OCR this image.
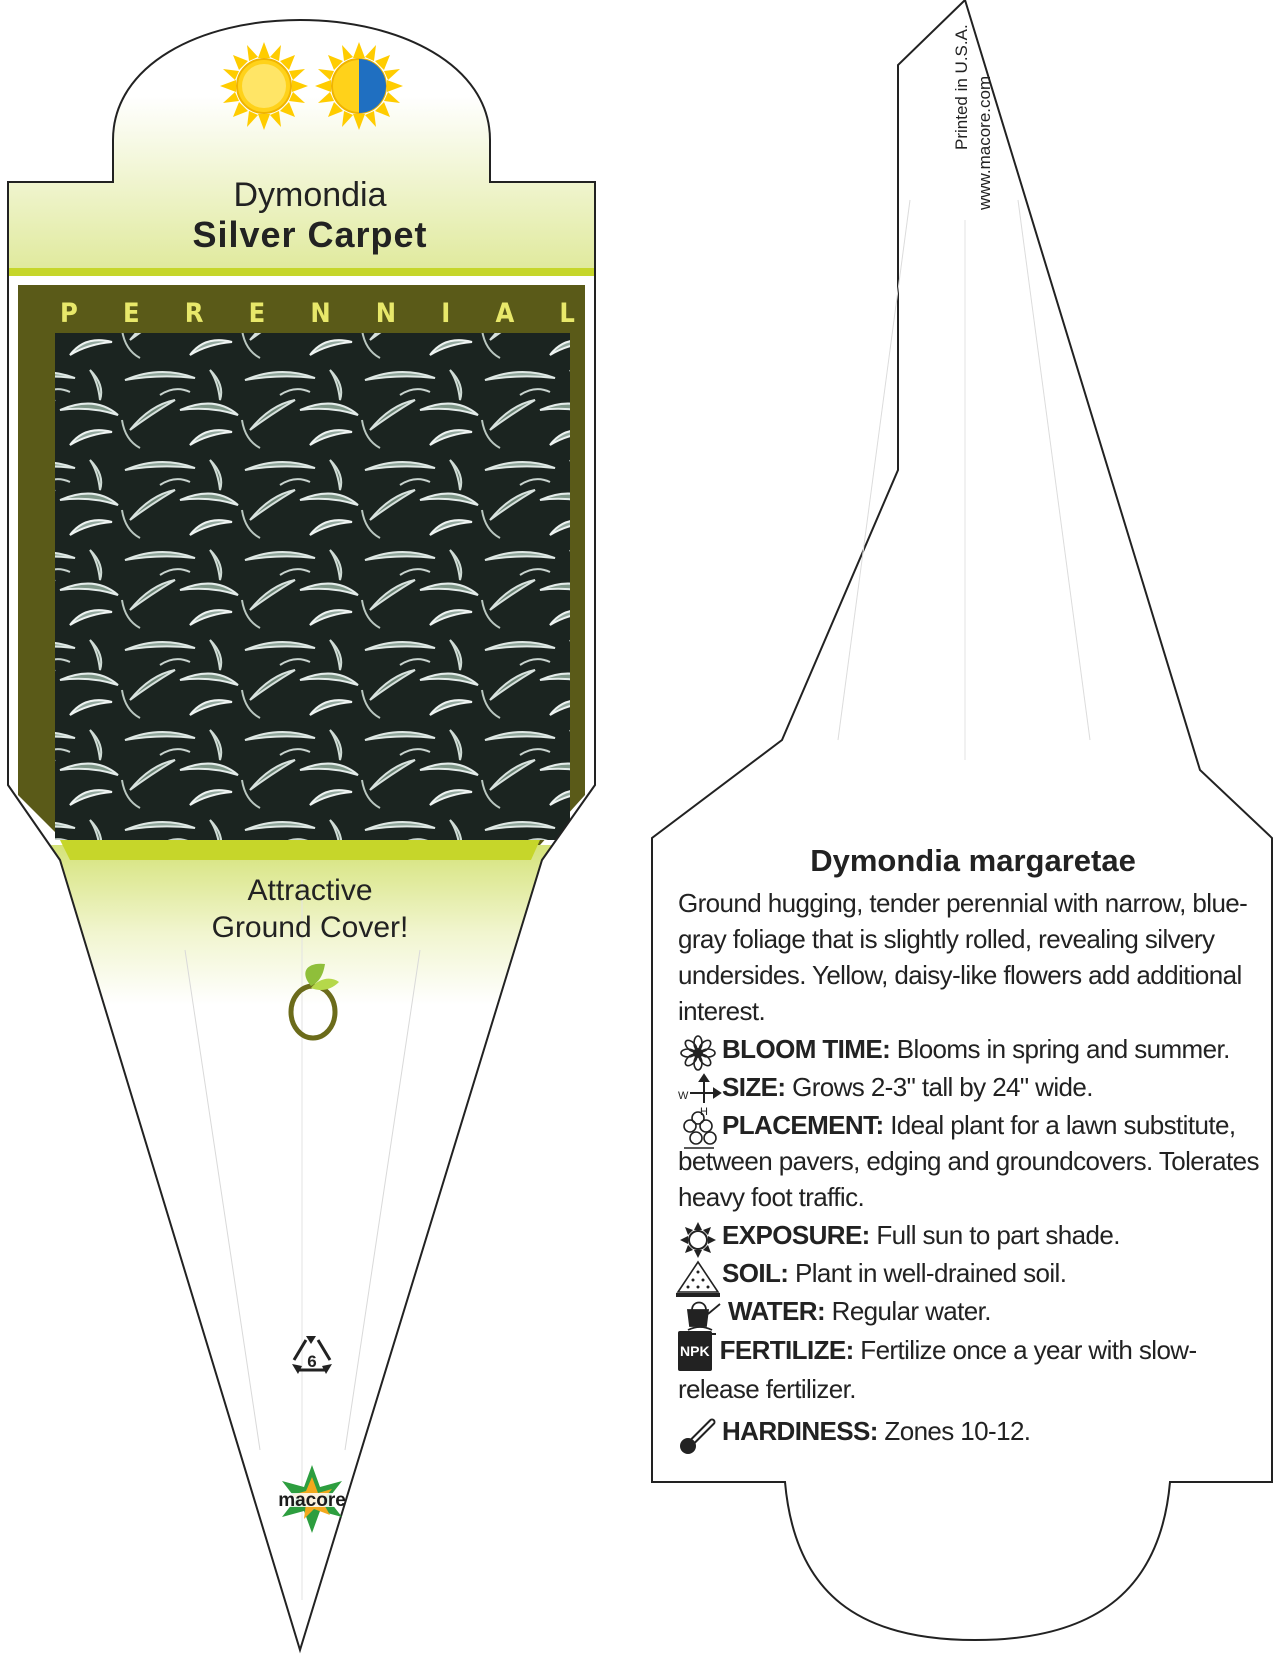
W
H
Dymondia
Silver Carpet
P E R E N N I A L
Attractive
Ground Cover!
6
macore
Printed in U.S.A. www.macore.com
Dymondia margaretae

Ground hugging, tender perennial with narrow, blue-gray foliage that is slightly rolled, revealing silvery undersides. Yellow, daisy-like flowers add additional interest.

BLOOM TIME: Blooms in spring and summer.

SIZE: Grows 2-3" tall by 24" wide.

PLACEMENT: Ideal plant for a lawn substitute, between pavers, edging and groundcovers. Tolerates heavy foot traffic.

EXPOSURE: Full sun to part shade.

SOIL: Plant in well-drained soil.

WATER: Regular water.

NPK FERTILIZE: Fertilize once a year with slow-release fertilizer.

HARDINESS: Zones 10-12.
